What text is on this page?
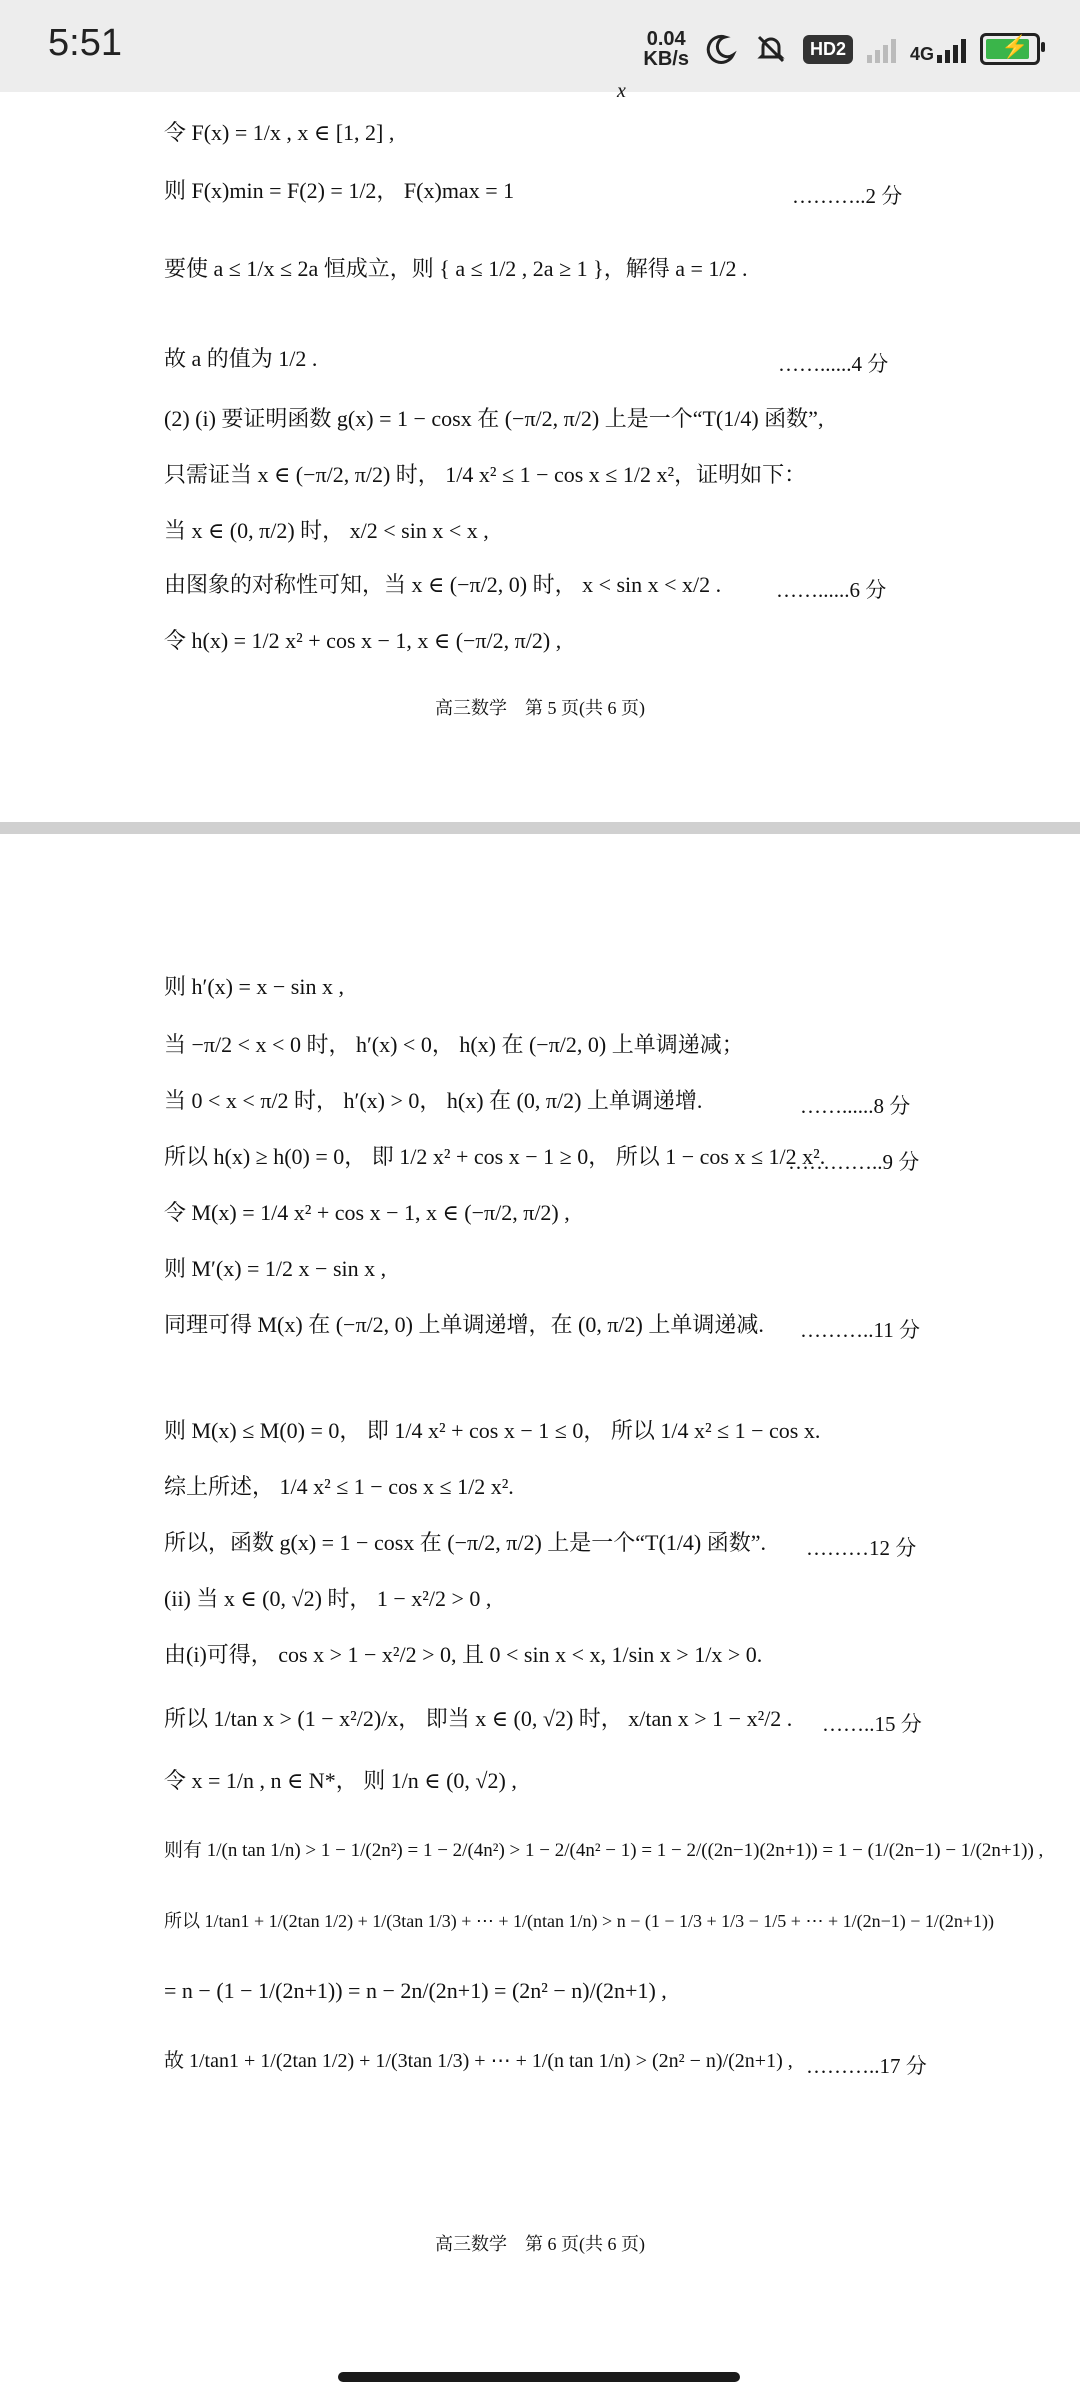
5:51	0.04
KB/s	HD2	4G	⚡
x
令 F(x) = 1/x , x ∈ [1, 2] ,
则 F(x)min = F(2) = 1/2， F(x)max = 1	………..2 分
要使 a ≤ 1/x ≤ 2a 恒成立，则 { a ≤ 1/2 , 2a ≥ 1 }，解得 a = 1/2 .
故 a 的值为 1/2 .	……......4 分
(2) (i) 要证明函数 g(x) = 1 − cosx 在 (−π/2, π/2) 上是一个“T(1/4) 函数”,
只需证当 x ∈ (−π/2, π/2) 时， 1/4 x² ≤ 1 − cos x ≤ 1/2 x²，证明如下：
当 x ∈ (0, π/2) 时， x/2 < sin x < x ,
由图象的对称性可知，当 x ∈ (−π/2, 0) 时， x < sin x < x/2 .	……......6 分
令 h(x) = 1/2 x² + cos x − 1, x ∈ (−π/2, π/2) ,
高三数学　第 5 页(共 6 页)
则 h′(x) = x − sin x ,
当 −π/2 < x < 0 时， h′(x) < 0， h(x) 在 (−π/2, 0) 上单调递减；
当 0 < x < π/2 时， h′(x) > 0， h(x) 在 (0, π/2) 上单调递增.	……......8 分
所以 h(x) ≥ h(0) = 0， 即 1/2 x² + cos x − 1 ≥ 0， 所以 1 − cos x ≤ 1/2 x².
…………..9 分
令 M(x) = 1/4 x² + cos x − 1, x ∈ (−π/2, π/2) ,
则 M′(x) = 1/2 x − sin x ,
同理可得 M(x) 在 (−π/2, 0) 上单调递增，在 (0, π/2) 上单调递减. ………..11 分
则 M(x) ≤ M(0) = 0， 即 1/4 x² + cos x − 1 ≤ 0， 所以 1/4 x² ≤ 1 − cos x.
综上所述， 1/4 x² ≤ 1 − cos x ≤ 1/2 x².
所以，函数 g(x) = 1 − cosx 在 (−π/2, π/2) 上是一个“T(1/4) 函数”. ………12 分
(ii) 当 x ∈ (0, √2) 时， 1 − x²/2 > 0 ,
由(i)可得， cos x > 1 − x²/2 > 0, 且 0 < sin x < x, 1/sin x > 1/x > 0.
所以 1/tan x > (1 − x²/2)/x， 即当 x ∈ (0, √2) 时， x/tan x > 1 − x²/2 . ……..15 分
令 x = 1/n , n ∈ N*， 则 1/n ∈ (0, √2) ,
则有 1/(n tan 1/n) > 1 − 1/(2n²) = 1 − 2/(4n²) > 1 − 2/(4n² − 1) = 1 − 2/((2n−1)(2n+1)) = 1 − (1/(2n−1) − 1/(2n+1)) ,
所以 1/tan1 + 1/(2tan 1/2) + 1/(3tan 1/3) + ⋯ + 1/(ntan 1/n) > n − (1 − 1/3 + 1/3 − 1/5 + ⋯ + 1/(2n−1) − 1/(2n+1))
= n − (1 − 1/(2n+1)) = n − 2n/(2n+1) = (2n² − n)/(2n+1) ,
故 1/tan1 + 1/(2tan 1/2) + 1/(3tan 1/3) + ⋯ + 1/(n tan 1/n) > (2n² − n)/(2n+1) , ………..17 分
高三数学　第 6 页(共 6 页)
